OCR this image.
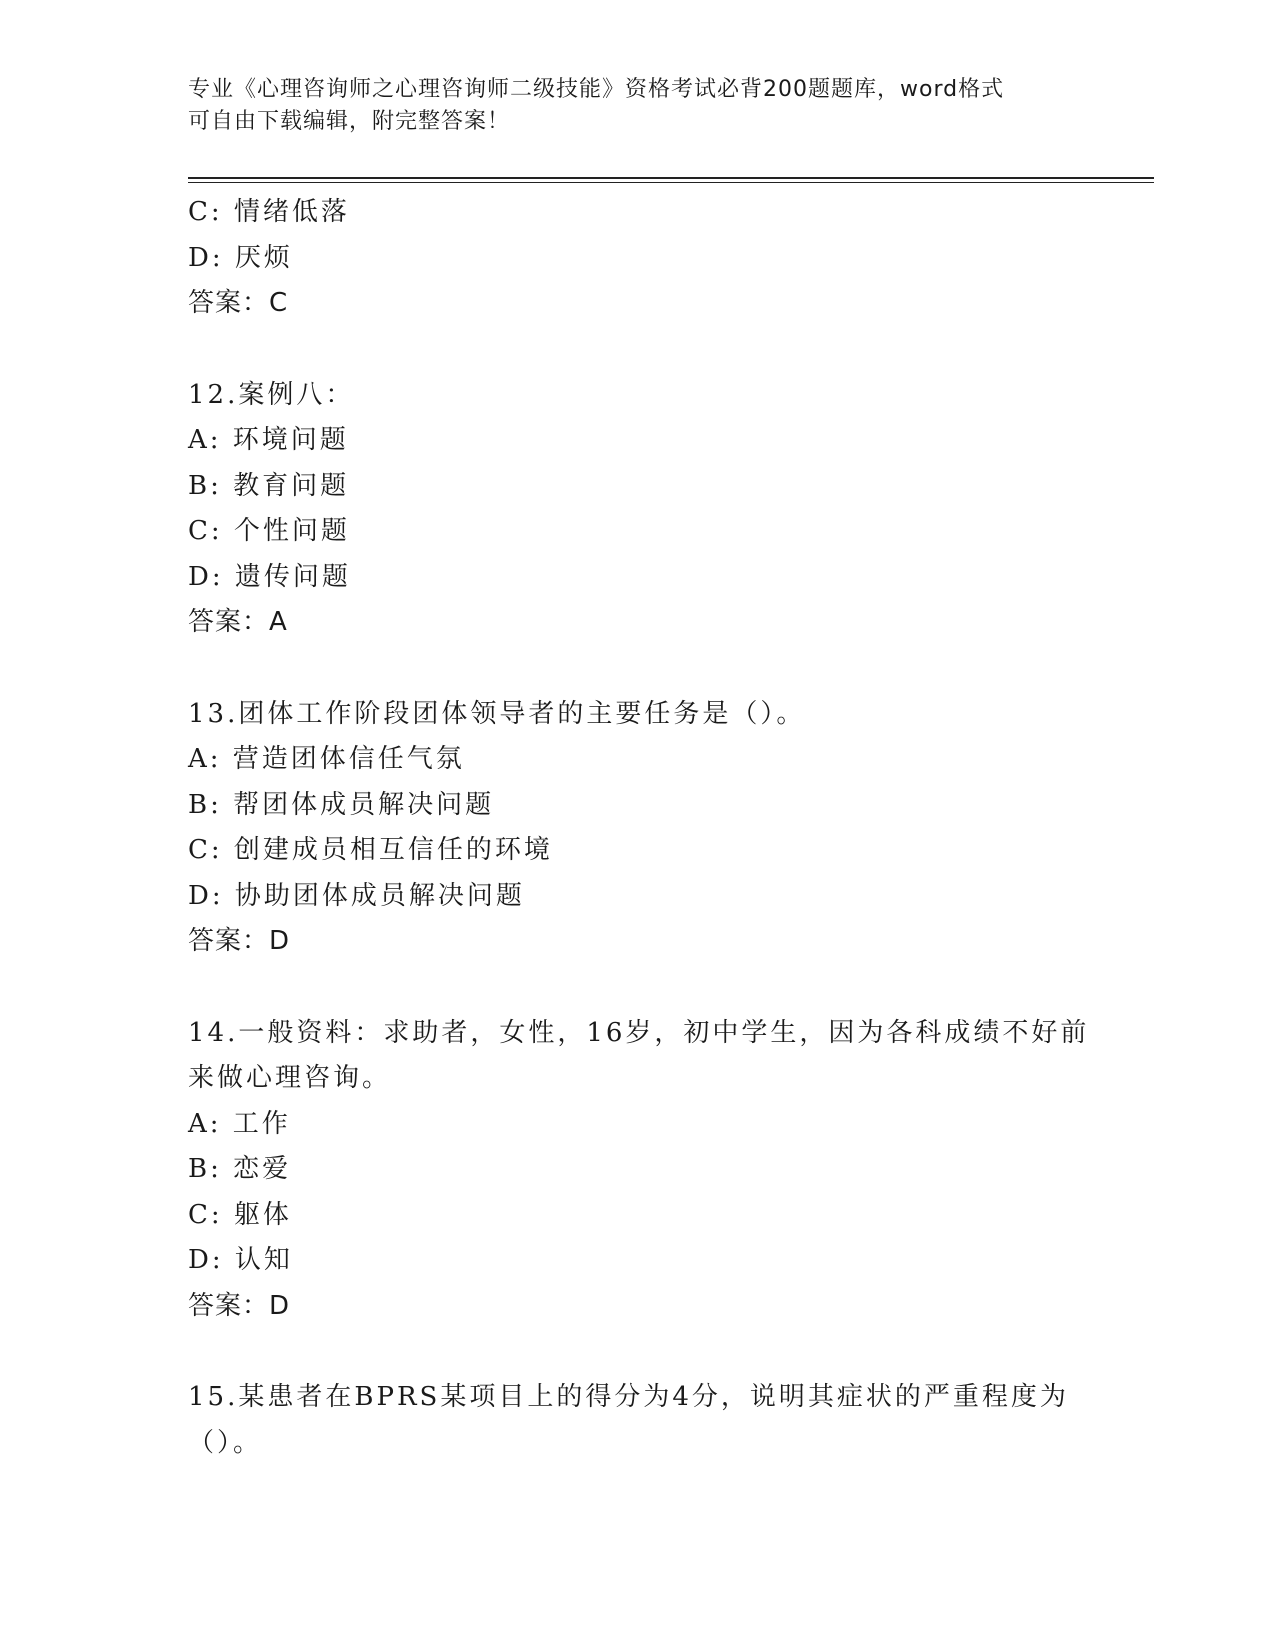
专业《心理咨询师之心理咨询师二级技能》资格考试必背200题题库，word格式
可自由下载编辑，附完整答案！
C: 情绪低落
D: 厌烦
答案：C
12.案例八：
A: 环境问题
B: 教育问题
C: 个性问题
D: 遗传问题
答案：A
13.团体工作阶段团体领导者的主要任务是（）。
A: 营造团体信任气氛
B: 帮团体成员解决问题
C: 创建成员相互信任的环境
D: 协助团体成员解决问题
答案：D
14.一般资料：求助者，女性，16岁，初中学生，因为各科成绩不好前
来做心理咨询。
A: 工作
B: 恋爱
C: 躯体
D: 认知
答案：D
15.某患者在BPRS某项目上的得分为4分，说明其症状的严重程度为
（）。
